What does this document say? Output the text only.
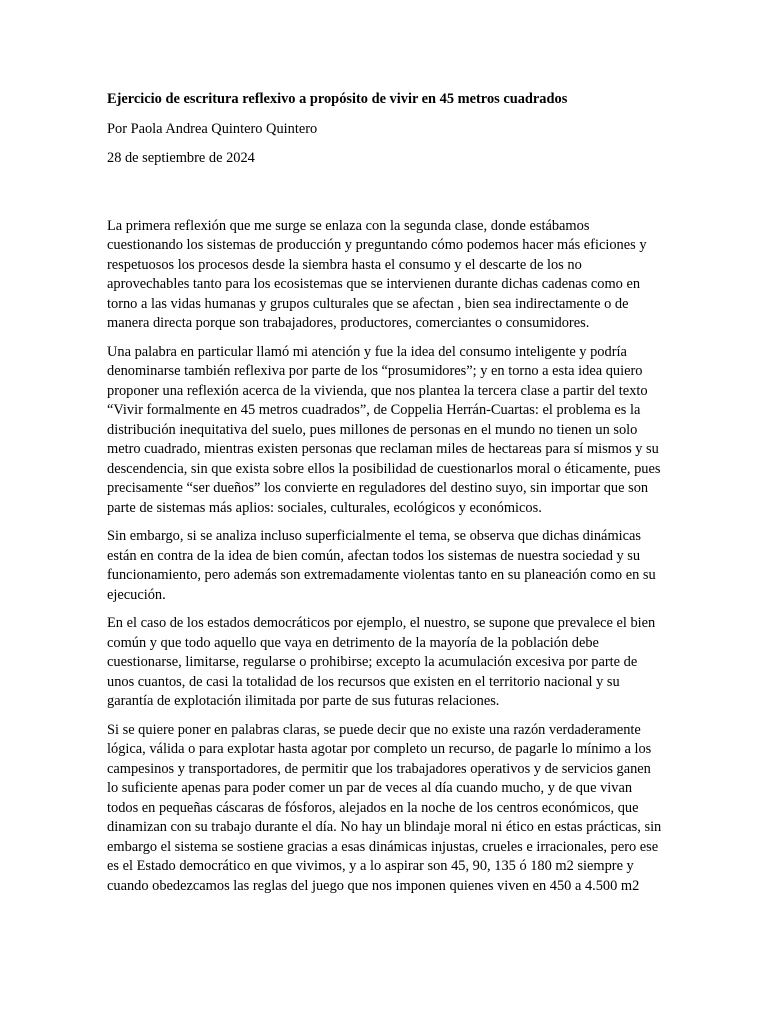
Ejercicio de escritura reflexivo a propósito de vivir en 45 metros cuadrados
Por Paola Andrea Quintero Quintero
28 de septiembre de 2024
La primera reflexión que me surge se enlaza con la segunda clase, donde estábamos cuestionando los sistemas de producción y preguntando cómo podemos hacer más eficiones y respetuosos los procesos desde la siembra hasta el consumo y el descarte de los no aprovechables tanto para los ecosistemas que se intervienen durante dichas cadenas como en torno a las vidas humanas y grupos culturales que se afectan , bien sea indirectamente o de manera directa porque son trabajadores, productores, comerciantes o consumidores.
Una palabra en particular llamó mi atención y fue la idea del consumo inteligente y podría denominarse también reflexiva por parte de los “prosumidores”; y en torno a esta idea quiero proponer una reflexión acerca de la vivienda, que nos plantea la tercera clase a partir del texto “Vivir formalmente en 45 metros cuadrados”, de Coppelia Herrán-Cuartas: el problema es la distribución inequitativa del suelo, pues millones de personas en el mundo no tienen un solo metro cuadrado, mientras existen personas que reclaman miles de hectareas para sí mismos y su descendencia, sin que exista sobre ellos la posibilidad de cuestionarlos moral o éticamente, pues precisamente “ser dueños” los convierte en reguladores del destino suyo, sin importar que son parte de sistemas más aplios: sociales, culturales, ecológicos y económicos.
Sin embargo, si se analiza incluso superficialmente el tema, se observa que dichas dinámicas están en contra de la idea de bien común, afectan todos los sistemas de nuestra sociedad y su funcionamiento, pero además son extremadamente violentas tanto en su planeación como en su ejecución.
En el caso de los estados democráticos por ejemplo, el nuestro, se supone que prevalece el bien común y que todo aquello que vaya en detrimento de la mayoría de la población debe cuestionarse, limitarse, regularse o prohibirse; excepto la acumulación excesiva por parte de unos cuantos, de casi la totalidad de los recursos que existen en el territorio nacional y su garantía de explotación ilimitada por parte de sus futuras relaciones.
Si se quiere poner en palabras claras, se puede decir que no existe una razón verdaderamente lógica, válida o para explotar hasta agotar por completo un recurso, de pagarle lo mínimo a los campesinos y transportadores, de permitir que los trabajadores operativos y de servicios ganen lo suficiente apenas para poder comer un par de veces al día cuando mucho, y de que vivan todos en pequeñas cáscaras de fósforos, alejados en la noche de los centros económicos, que dinamizan con su trabajo durante el día. No hay un blindaje moral ni ético en estas prácticas, sin embargo el sistema se sostiene gracias a esas dinámicas injustas, crueles e irracionales, pero ese es el Estado democrático en que vivimos, y a lo aspirar son 45, 90, 135 ó 180 m2 siempre y cuando obedezcamos las reglas del juego que nos imponen quienes viven en 450 a 4.500 m2
